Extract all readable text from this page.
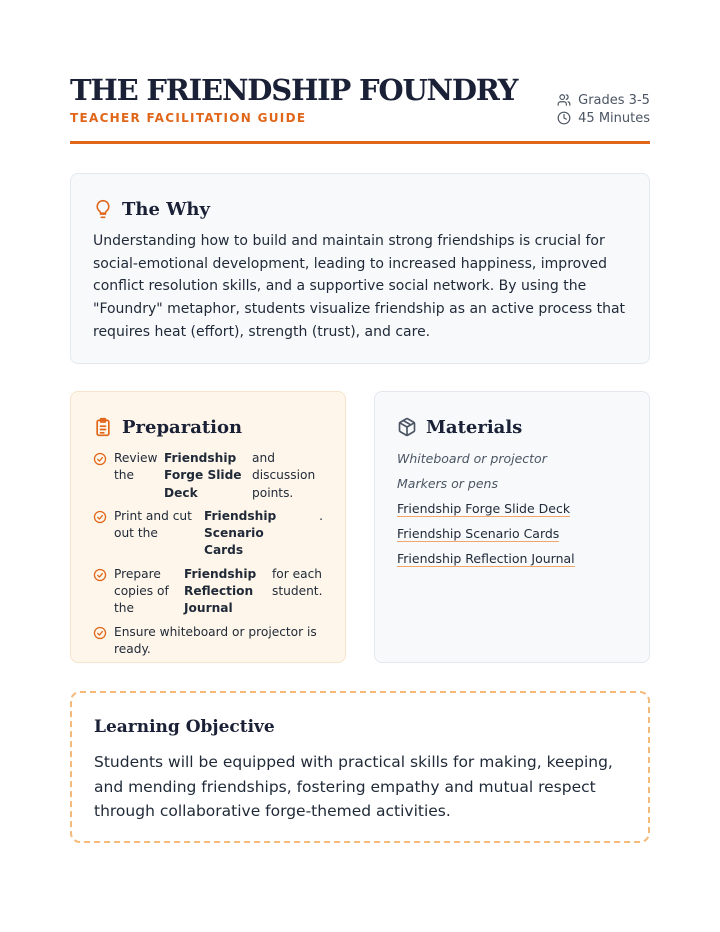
THE FRIENDSHIP FOUNDRY
TEACHER FACILITATION GUIDE
Grades 3-5
45 Minutes
The Why

Understanding how to build and maintain strong friendships is crucial for social-emotional development, leading to increased happiness, improved conflict resolution skills, and a supportive social network. By using the "Foundry" metaphor, students visualize friendship as an active process that requires heat (effort), strength (trust), and care.

Preparation
Review the
Friendship Forge Slide Deck
and discussion points.
Print and cut out the
Friendship Scenario Cards
.
Prepare copies of the
Friendship Reflection Journal
for each student.
Ensure whiteboard or projector is ready.
Materials
Whiteboard or projector
Markers or pens
Friendship Forge Slide Deck
Friendship Scenario Cards
Friendship Reflection Journal
Learning Objective

Students will be equipped with practical skills for making, keeping, and mending friendships, fostering empathy and mutual respect through collaborative forge-themed activities.
